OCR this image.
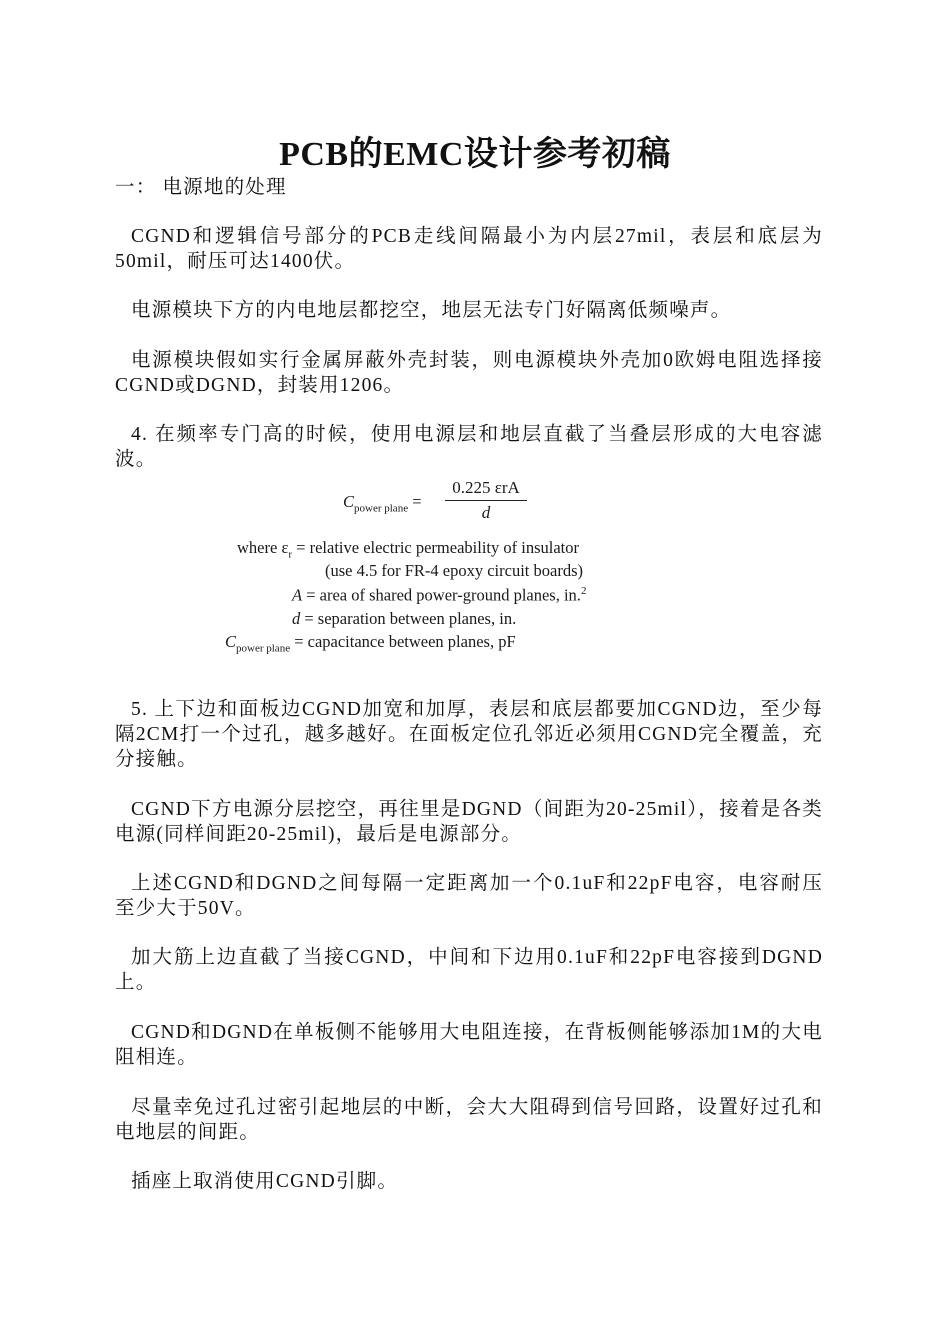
PCB的EMC设计参考初稿
一： 电源地的处理
CGND和逻辑信号部分的PCB走线间隔最小为内层27mil，表层和底层为50mil，耐压可达1400伏。
电源模块下方的内电地层都挖空，地层无法专门好隔离低频噪声。
电源模块假如实行金属屏蔽外壳封装，则电源模块外壳加0欧姆电阻选择接CGND或DGND，封装用1206。
4. 在频率专门高的时候，使用电源层和地层直截了当叠层形成的大电容滤波。
$C_{power plane}$ =
0.225 εrA
d
where $\varepsilon_r$ = relative electric permeability of insulator
(use 4.5 for FR-4 epoxy circuit boards)
A = area of shared power-ground planes, in.$^2$
d = separation between planes, in.
$C_{power plane}$ = capacitance between planes, pF
5. 上下边和面板边CGND加宽和加厚，表层和底层都要加CGND边，至少每隔2CM打一个过孔，越多越好。在面板定位孔邻近必须用CGND完全覆盖，充分接触。
CGND下方电源分层挖空，再往里是DGND（间距为20-25mil），接着是各类电源(同样间距20-25mil)，最后是电源部分。
上述CGND和DGND之间每隔一定距离加一个0.1uF和22pF电容，电容耐压至少大于50V。
加大筋上边直截了当接CGND，中间和下边用0.1uF和22pF电容接到DGND上。
CGND和DGND在单板侧不能够用大电阻连接，在背板侧能够添加1M的大电阻相连。
尽量幸免过孔过密引起地层的中断，会大大阻碍到信号回路，设置好过孔和电地层的间距。
插座上取消使用CGND引脚。
